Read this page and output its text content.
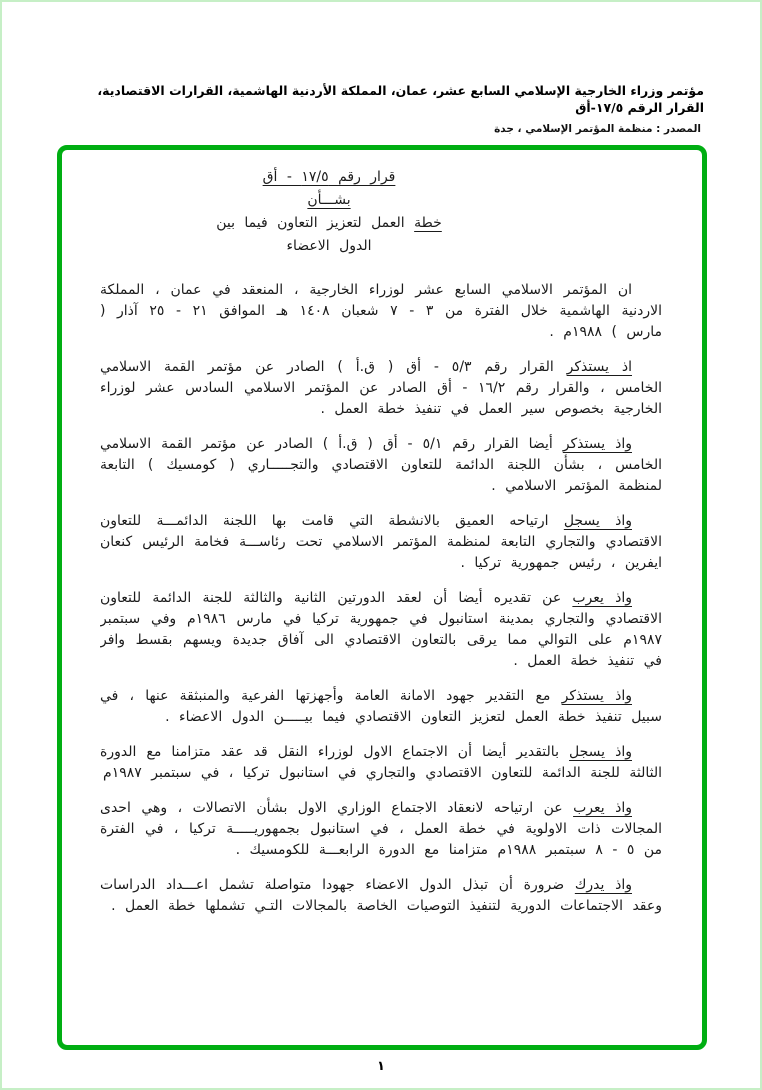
مؤتمر وزراء الخارجية الإسلامي السابع عشر، عمان، المملكة الأردنية الهاشمية، القرارات الاقتصادية، القرار الرقم ١٧/٥-أق
المصدر : منظمة المؤتمر الإسلامي ، جدة
قرار رقم ١٧/٥ - أق
بشـــأن
خطة العمل لتعزيز التعاون فيما بين
الدول الاعضاء

ان المؤتمر الاسلامي السابع عشر لوزراء الخارجية ، المنعقد في عمان ، المملكة الاردنية الهاشمية خلال الفترة من ٣ - ٧ شعبان ١٤٠٨ هـ الموافق ٢١ - ٢٥ آذار ( مارس ) ١٩٨٨م .

اذ يستذكر القرار رقم ٥/٣ - أق ( ق.أ ) الصادر عن مؤتمر القمة الاسلامي الخامس ، والقرار رقم ١٦/٢ - أق الصادر عن المؤتمر الاسلامي السادس عشر لوزراء الخارجية بخصوص سير العمل في تنفيذ خطة العمل .

واذ يستذكر أيضا القرار رقم ٥/١ - أق ( ق.أ ) الصادر عن مؤتمر القمة الاسلامي الخامس ، بشأن اللجنة الدائمة للتعاون الاقتصادي والتجـــــاري ( كومسيك ) التابعة لمنظمة المؤتمر الاسلامي .

واذ يسجل ارتياحه العميق بالانشطة التي قامت بها اللجنة الدائمـــة للتعاون الاقتصادي والتجاري التابعة لمنظمة المؤتمر الاسلامي تحت رئاســـة فخامة الرئيس كنعان ايفرين ، رئيس جمهورية تركيا .

واذ يعرب عن تقديره أيضا أن لعقد الدورتين الثانية والثالثة للجنة الدائمة للتعاون الاقتصادي والتجاري بمدينة استانبول في جمهورية تركيا في مارس ١٩٨٦م وفي سبتمبر ١٩٨٧م على التوالي مما يرقى بالتعاون الاقتصادي الى آفاق جديدة ويسهم بقسط وافر في تنفيذ خطة العمل .

واذ يستذكر مع التقدير جهود الامانة العامة وأجهزتها الفرعية والمنبثقة عنها ، في سبيل تنفيذ خطة العمل لتعزيز التعاون الاقتصادي فيما بيـــــن الدول الاعضاء .

واذ يسجل بالتقدير أيضا أن الاجتماع الاول لوزراء النقل قد عقد متزامنا مع الدورة الثالثة للجنة الدائمة للتعاون الاقتصادي والتجاري في استانبول تركيا ، في سبتمبر ١٩٨٧م

واذ يعرب عن ارتياحه لانعقاد الاجتماع الوزاري الاول بشأن الاتصالات ، وهي احدى المجالات ذات الاولوية في خطة العمل ، في استانبول بجمهوريـــــة تركيا ، في الفترة من ٥ - ٨ سبتمبر ١٩٨٨م متزامنا مع الدورة الرابعـــة للكومسيك .

واذ يدرك ضرورة أن تبذل الدول الاعضاء جهودا متواصلة تشمل اعـــداد الدراسات وعقد الاجتماعات الدورية لتنفيذ التوصيات الخاصة بالمجالات التـي تشملها خطة العمل .

١
